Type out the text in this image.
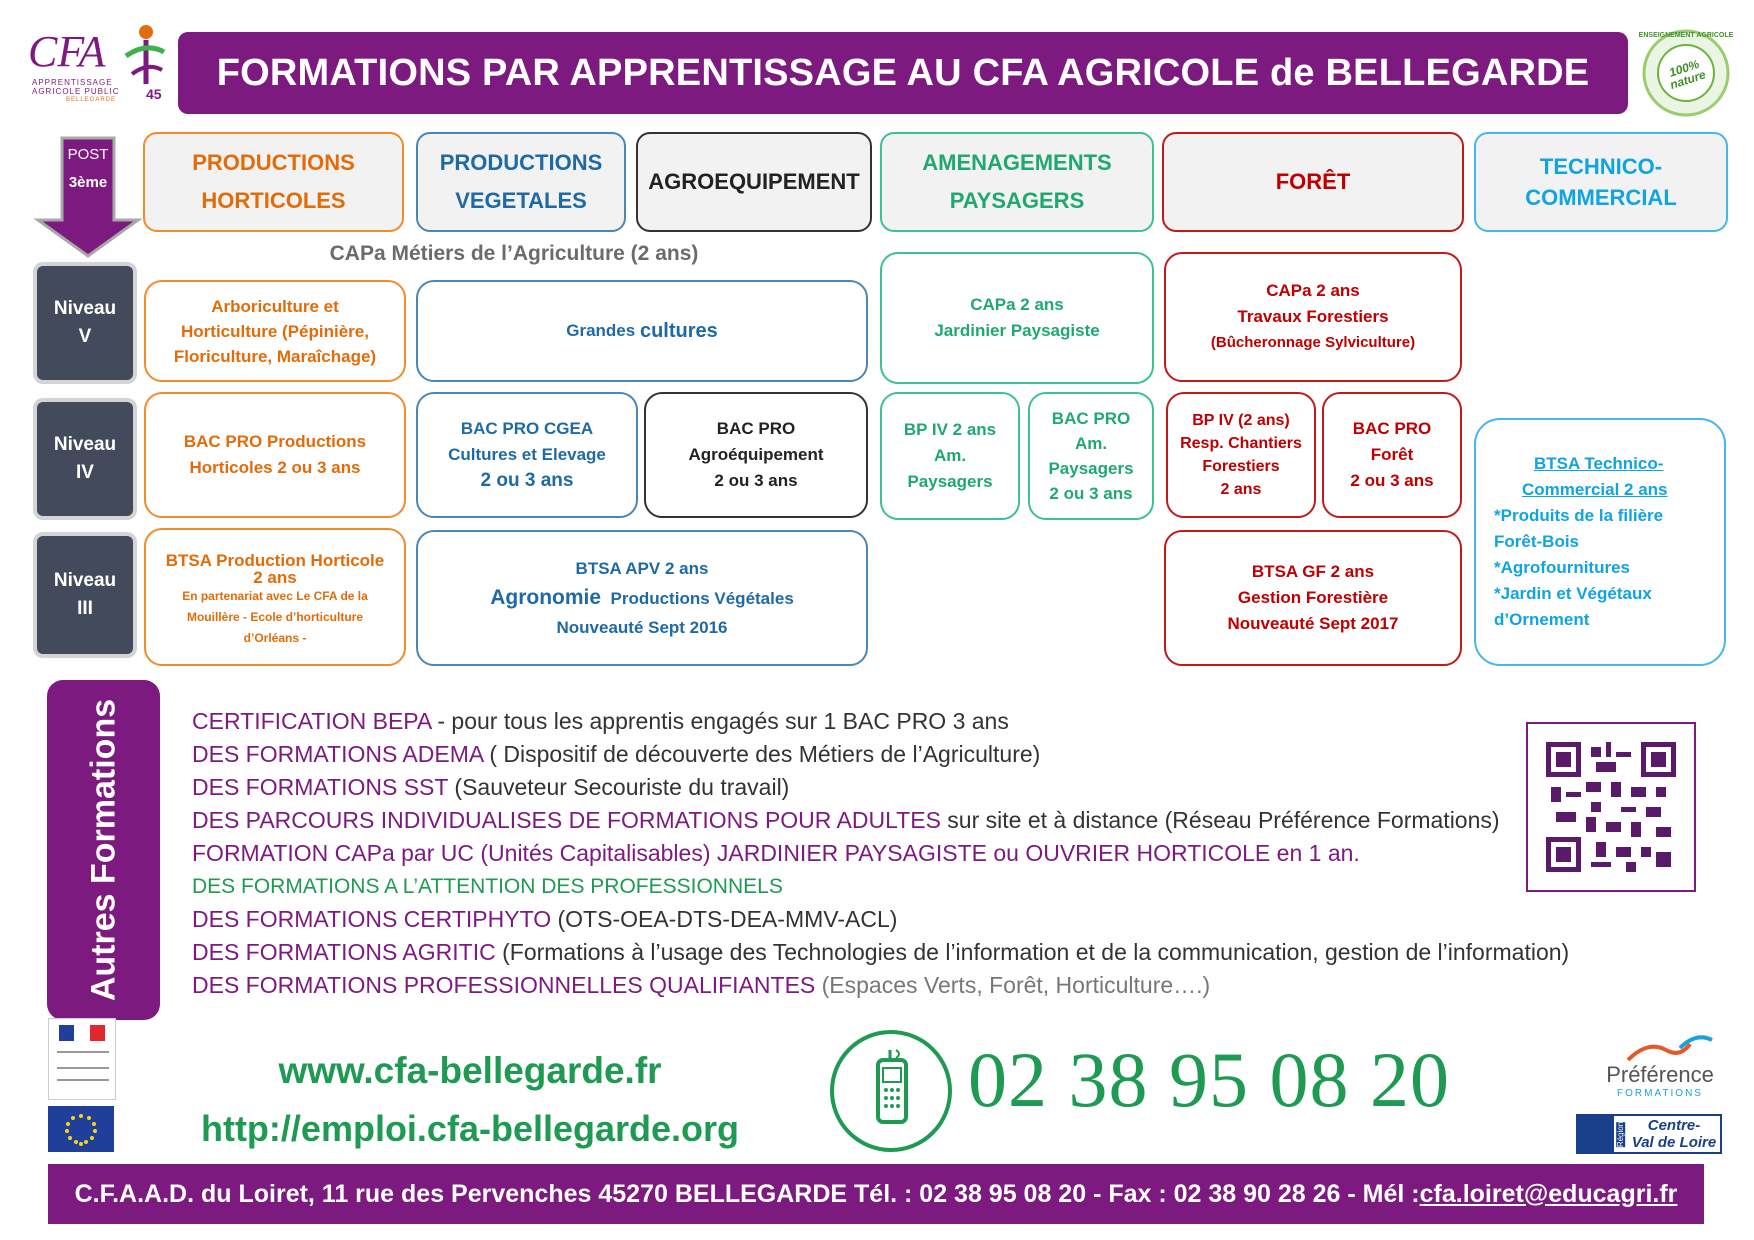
CFA
APPRENTISSAGE
AGRICOLE PUBLIC
BELLEGARDE 45
FORMATIONS PAR APPRENTISSAGE AU CFA AGRICOLE de BELLEGARDE
ENSEIGNEMENT AGRICOLE
100% nature
POST
3ème
PRODUCTIONS
HORTICOLES
PRODUCTIONS
VEGETALES
AGROEQUIPEMENT
AMENAGEMENTS
PAYSAGERS
FORÊT
TECHNICO-
COMMERCIAL
CAPa Métiers de l’Agriculture (2 ans)
Niveau
V
Niveau
IV
Niveau
III
Arboriculture et
Horticulture (Pépinière,
Floriculture, Maraîchage)
Grandes
cultures
CAPa 2 ans
Jardinier Paysagiste
CAPa 2 ans
Travaux Forestiers
(Bûcheronnage Sylviculture)
BAC PRO Productions
Horticoles 2 ou 3 ans
BAC PRO CGEA
Cultures et Elevage
2 ou 3 ans
BAC PRO
Agroéquipement
2 ou 3 ans
BP IV 2 ans
Am.
Paysagers
BAC PRO
Am.
Paysagers
2 ou 3 ans
BP IV (2 ans)
Resp. Chantiers
Forestiers
2 ans
BAC PRO
Forêt
2 ou 3 ans
BTSA Technico-
Commercial 2 ans
*Produits de la filière
Forêt-Bois
*Agrofournitures
*Jardin et Végétaux
d’Ornement
BTSA Production Horticole
2 ans
En partenariat avec Le CFA de la
Mouillère - Ecole d’horticulture
d’Orléans -
BTSA APV 2 ans
Agronomie Productions Végétales
Nouveauté Sept 2016
BTSA GF 2 ans
Gestion Forestière
Nouveauté Sept 2017
Autres Formations	CERTIFICATION BEPA - pour tous les apprentis engagés sur 1 BAC PRO 3 ans
DES FORMATIONS ADEMA ( Dispositif de découverte des Métiers de l’Agriculture)
DES FORMATIONS SST (Sauveteur Secouriste du travail)
DES PARCOURS INDIVIDUALISES DE FORMATIONS POUR ADULTES sur site et à distance (Réseau Préférence Formations)
FORMATION CAPa par UC (Unités Capitalisables) JARDINIER PAYSAGISTE ou OUVRIER HORTICOLE en 1 an.
DES FORMATIONS A L’ATTENTION DES PROFESSIONNELS
DES FORMATIONS CERTIPHYTO (OTS-OEA-DTS-DEA-MMV-ACL)
DES FORMATIONS AGRITIC (Formations à l’usage des Technologies de l’information et de la communication, gestion de l’information)
DES FORMATIONS PROFESSIONNELLES QUALIFIANTES (Espaces Verts, Forêt, Horticulture….)
www.cfa-bellegarde.fr
http://emploi.cfa-bellegarde.org
02 38 95 08 20	Préférence
FORMATIONS
Région	Centre-
Val de Loire
C.F.A.A.D. du Loiret, 11 rue des Pervenches 45270 BELLEGARDE Tél. : 02 38 95 08 20 - Fax : 02 38 90 28 26 - Mél : cfa.loiret@educagri.fr
